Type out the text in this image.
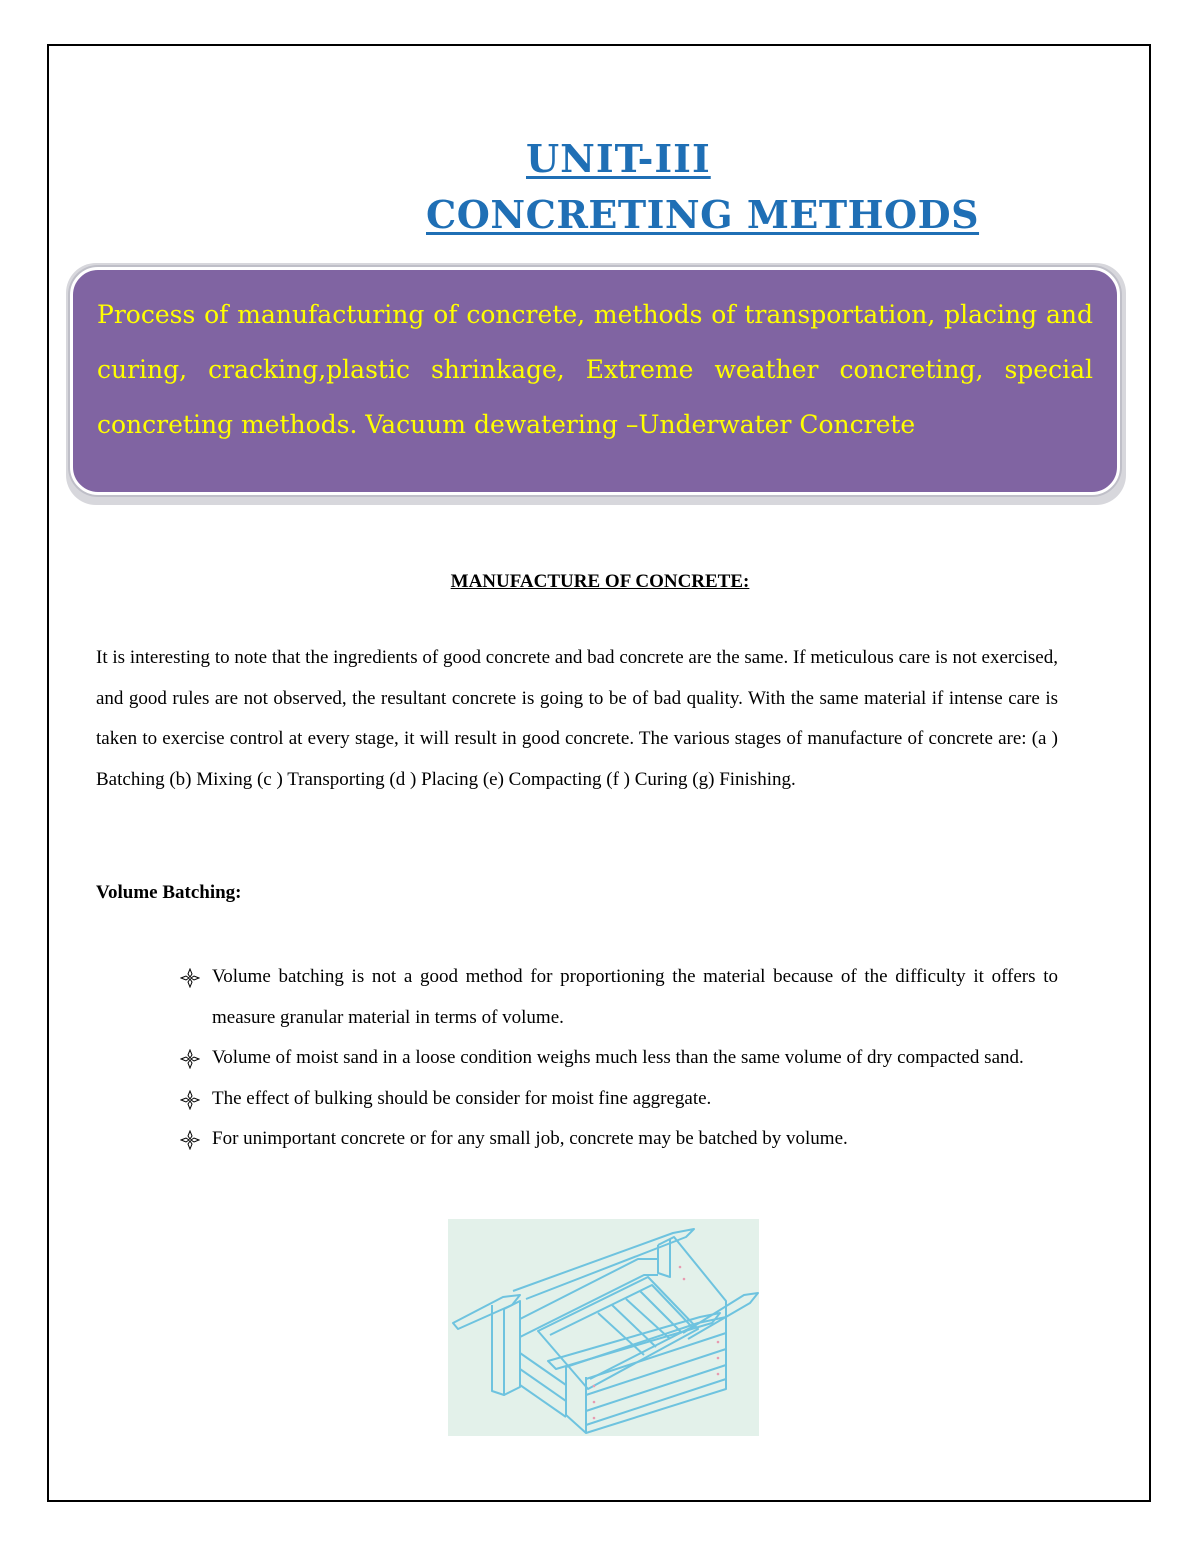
UNIT-III
CONCRETING METHODS

Process of manufacturing of concrete, methods of transportation, placing and curing, cracking,plastic shrinkage, Extreme weather concreting, special concreting methods. Vacuum dewatering –Underwater Concrete

MANUFACTURE OF CONCRETE:

It is interesting to note that the ingredients of good concrete and bad concrete are the same. If meticulous care is not exercised, and good rules are not observed, the resultant concrete is going to be of bad quality. With the same material if intense care is taken to exercise control at every stage, it will result in good concrete. The various stages of manufacture of concrete are: (a ) Batching (b) Mixing (c ) Transporting (d ) Placing (e) Compacting (f ) Curing (g) Finishing.

Volume Batching:
Volume batching is not a good method for proportioning the material because of the difficulty it offers to measure granular material in terms of volume.
Volume of moist sand in a loose condition weighs much less than the same volume of dry compacted sand.
The effect of bulking should be consider for moist fine aggregate.
For unimportant concrete or for any small job, concrete may be batched by volume.
